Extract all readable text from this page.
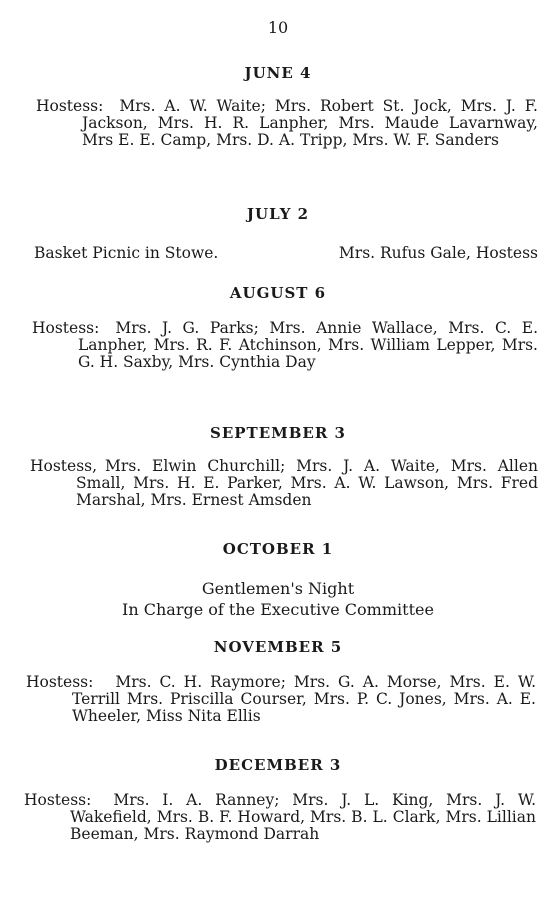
10
JUNE 4
Hostess: Mrs. A. W. Waite; Mrs. Robert St. Jock, Mrs. J. F. Jackson, Mrs. H. R. Lanpher, Mrs. Maude Lavarnway, Mrs E. E. Camp, Mrs. D. A. Tripp, Mrs. W. F. Sanders
JULY 2
Basket Picnic in Stowe.	Mrs. Rufus Gale, Hostess
AUGUST 6
Hostess: Mrs. J. G. Parks; Mrs. Annie Wallace, Mrs. C. E. Lanpher, Mrs. R. F. Atchinson, Mrs. William Lepper, Mrs. G. H. Saxby, Mrs. Cynthia Day
SEPTEMBER 3
Hostess, Mrs. Elwin Churchill; Mrs. J. A. Waite, Mrs. Allen Small, Mrs. H. E. Parker, Mrs. A. W. Lawson, Mrs. Fred Marshal, Mrs. Ernest Amsden
OCTOBER 1
Gentlemen's Night
In Charge of the Executive Committee
NOVEMBER 5
Hostess: Mrs. C. H. Raymore; Mrs. G. A. Morse, Mrs. E. W. Terrill Mrs. Priscilla Courser, Mrs. P. C. Jones, Mrs. A. E. Wheeler, Miss Nita Ellis
DECEMBER 3
Hostess: Mrs. I. A. Ranney; Mrs. J. L. King, Mrs. J. W. Wakefield, Mrs. B. F. Howard, Mrs. B. L. Clark, Mrs. Lillian Beeman, Mrs. Raymond Darrah
